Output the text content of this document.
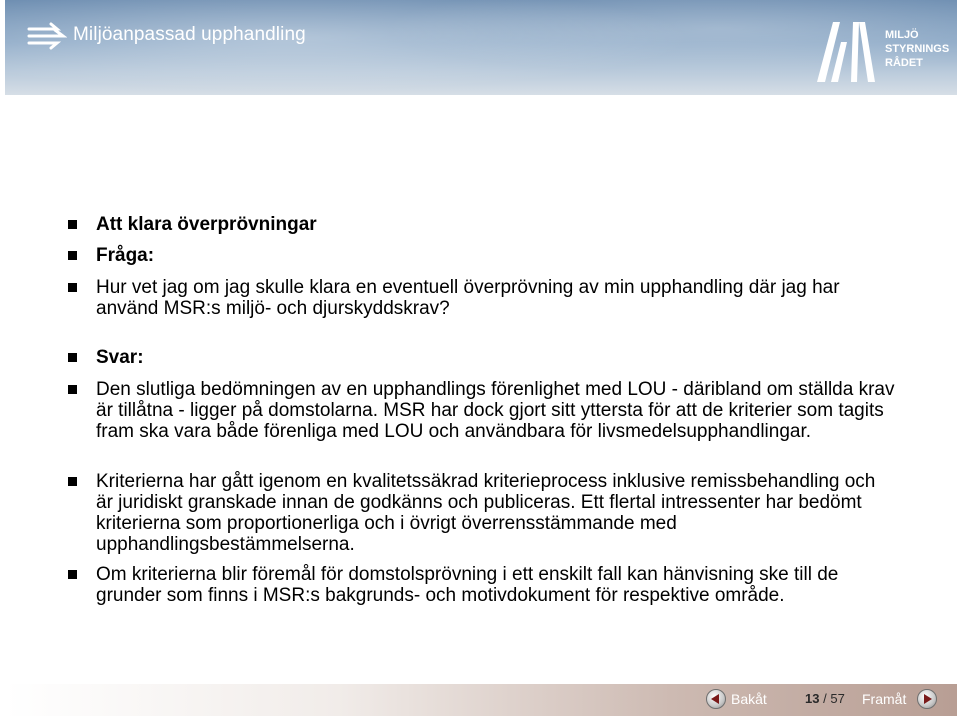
Miljöanpassad upphandling	MILJÖ
STYRNINGS
RÅDET
Att klara överprövningar
Fråga:
Hur vet jag om jag skulle klara en eventuell överprövning av min upphandling där jag har använd MSR:s miljö- och djurskyddskrav?
Svar:
Den slutliga bedömningen av en upphandlings förenlighet med LOU - däribland om ställda krav är tillåtna - ligger på domstolarna. MSR har dock gjort sitt yttersta för att de kriterier som tagits fram ska vara både förenliga med LOU och användbara för livsmedelsupphandlingar.
Kriterierna har gått igenom en kvalitetssäkrad kriterieprocess inklusive remissbehandling och är juridiskt granskade innan de godkänns och publiceras. Ett flertal intressenter har bedömt kriterierna som proportionerliga och i övrigt överrensstämmande med upphandlingsbestämmelserna.
Om kriterierna blir föremål för domstolsprövning i ett enskilt fall kan hänvisning ske till de grunder som finns i MSR:s bakgrunds- och motivdokument för respektive område.
Bakåt	13 / 57 Framåt
